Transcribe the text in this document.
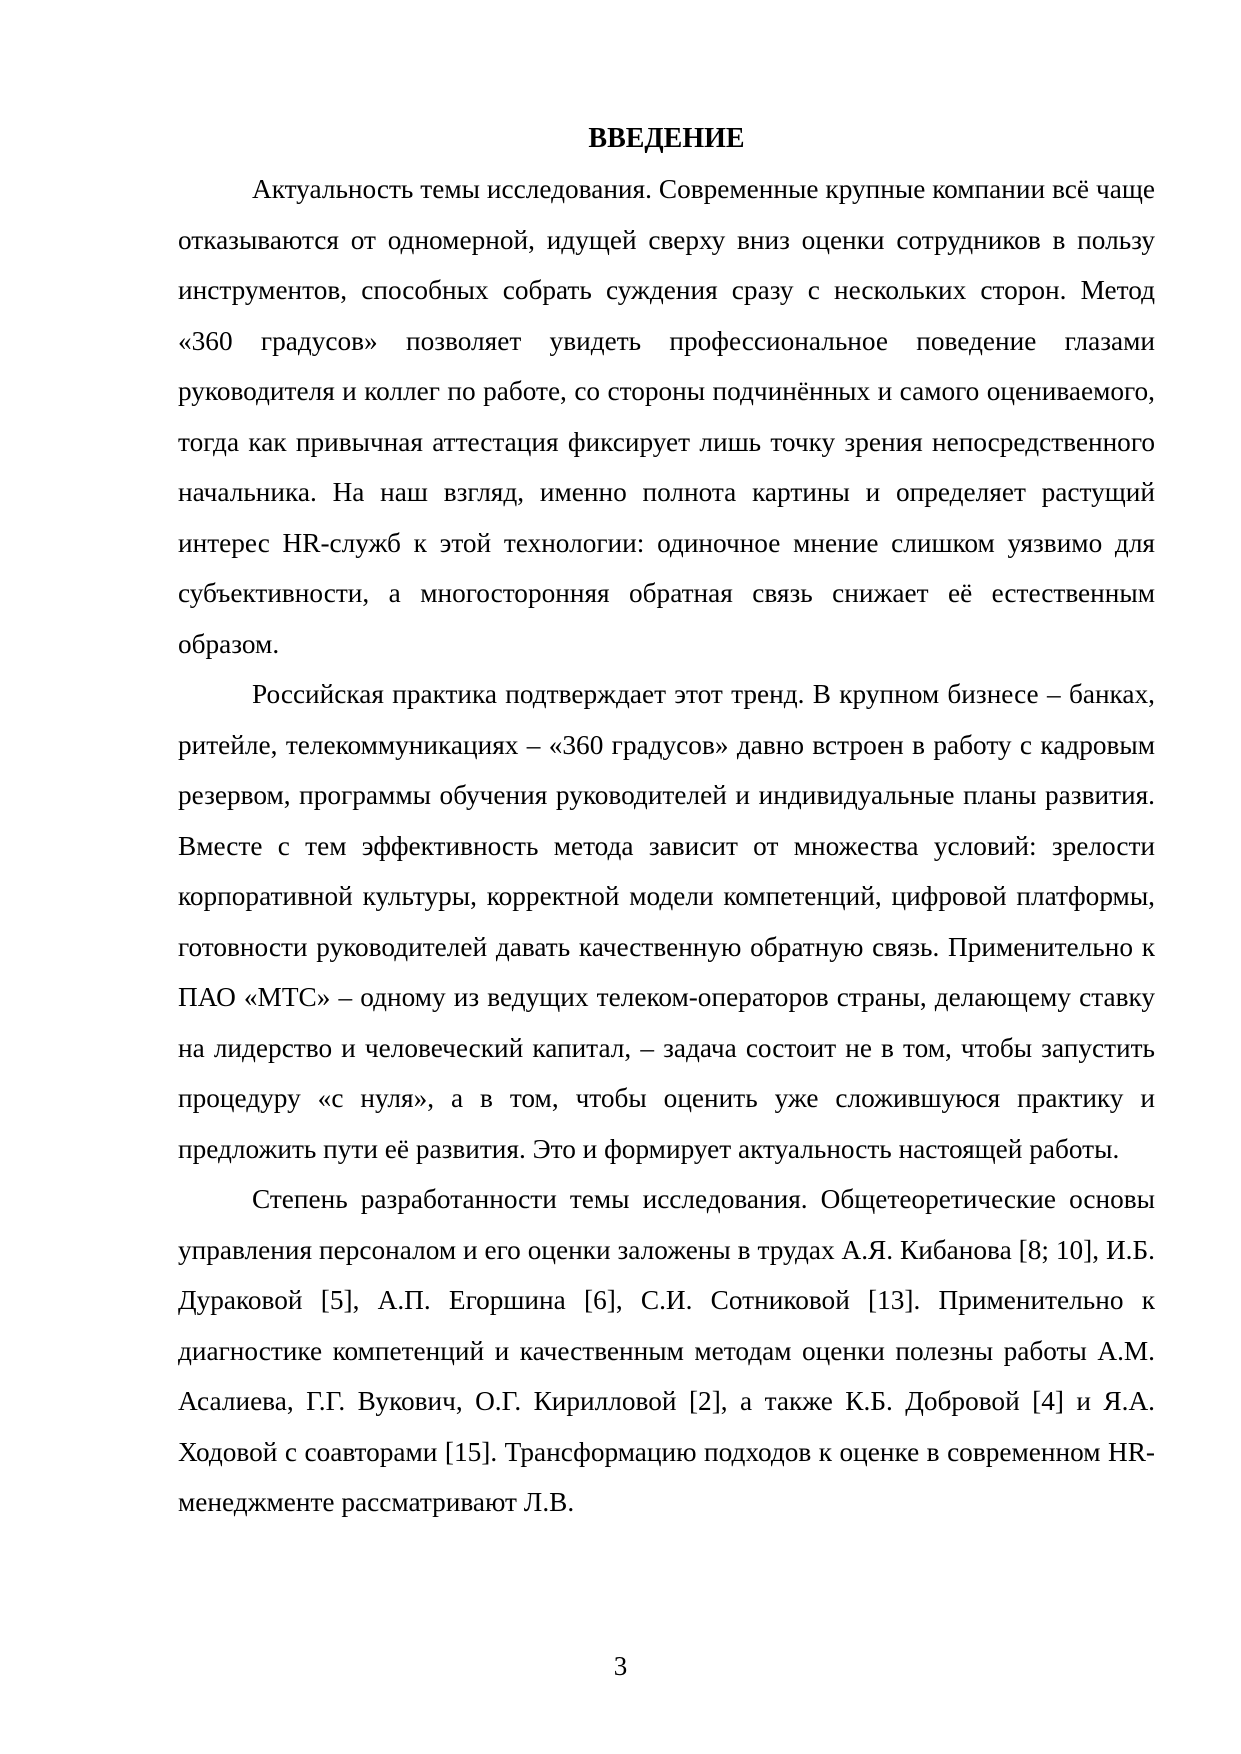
ВВЕДЕНИЕ

Актуальность темы исследования. Современные крупные компании всё чаще отказываются от одномерной, идущей сверху вниз оценки сотрудников в пользу инструментов, способных собрать суждения сразу с нескольких сторон. Метод «360 градусов» позволяет увидеть профессиональное поведение глазами руководителя и коллег по работе, со стороны подчинённых и самого оцениваемого, тогда как привычная аттестация фиксирует лишь точку зрения непосредственного начальника. На наш взгляд, именно полнота картины и определяет растущий интерес HR-служб к этой технологии: одиночное мнение слишком уязвимо для субъективности, а многосторонняя обратная связь снижает её естественным образом.

Российская практика подтверждает этот тренд. В крупном бизнесе – банках, ритейле, телекоммуникациях – «360 градусов» давно встроен в работу с кадровым резервом, программы обучения руководителей и индивидуальные планы развития. Вместе с тем эффективность метода зависит от множества условий: зрелости корпоративной культуры, корректной модели компетенций, цифровой платформы, готовности руководителей давать качественную обратную связь. Применительно к ПАО «МТС» – одному из ведущих телеком-операторов страны, делающему ставку на лидерство и человеческий капитал, – задача состоит не в том, чтобы запустить процедуру «с нуля», а в том, чтобы оценить уже сложившуюся практику и предложить пути её развития. Это и формирует актуальность настоящей работы.

Степень разработанности темы исследования. Общетеоретические основы управления персоналом и его оценки заложены в трудах А.Я. Кибанова [8; 10], И.Б. Дураковой [5], А.П. Егоршина [6], С.И. Сотниковой [13]. Применительно к диагностике компетенций и качественным методам оценки полезны работы А.М. Асалиева, Г.Г. Вукович, О.Г. Кирилловой [2], а также К.Б. Добровой [4] и Я.А. Ходовой с соавторами [15]. Трансформацию подходов к оценке в современном HR-менеджменте рассматривают Л.В.

3
